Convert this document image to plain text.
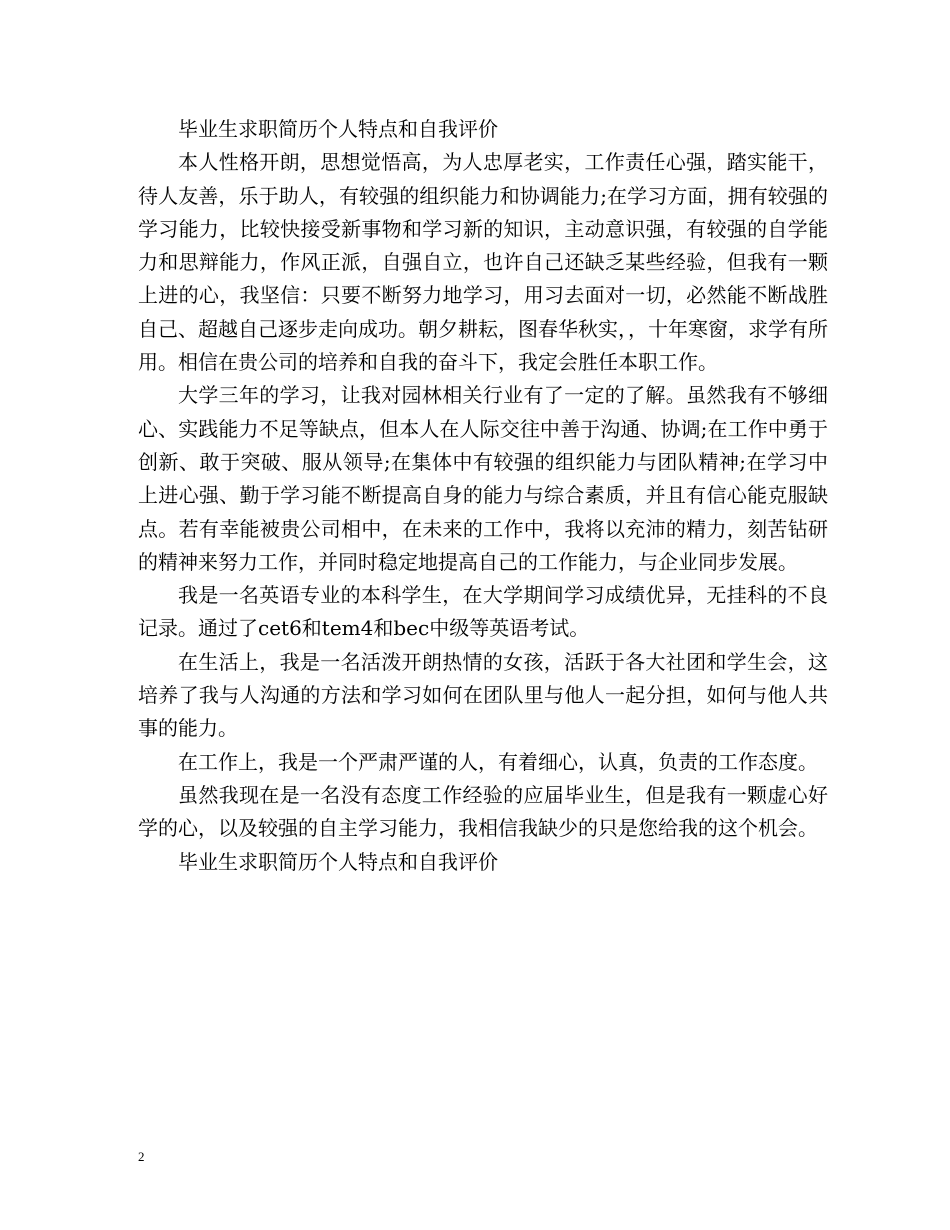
毕业生求职简历个人特点和自我评价

本人性格开朗，思想觉悟高，为人忠厚老实，工作责任心强，踏实能干，待人友善，乐于助人，有较强的组织能力和协调能力;在学习方面，拥有较强的学习能力，比较快接受新事物和学习新的知识，主动意识强，有较强的自学能力和思辩能力，作风正派，自强自立，也许自己还缺乏某些经验，但我有一颗上进的心，我坚信：只要不断努力地学习，用习去面对一切，必然能不断战胜自己、超越自己逐步走向成功。朝夕耕耘，图春华秋实，，十年寒窗，求学有所用。相信在贵公司的培养和自我的奋斗下，我定会胜任本职工作。

大学三年的学习，让我对园林相关行业有了一定的了解。虽然我有不够细心、实践能力不足等缺点，但本人在人际交往中善于沟通、协调;在工作中勇于创新、敢于突破、服从领导;在集体中有较强的组织能力与团队精神;在学习中上进心强、勤于学习能不断提高自身的能力与综合素质，并且有信心能克服缺点。若有幸能被贵公司相中，在未来的工作中，我将以充沛的精力，刻苦钻研的精神来努力工作，并同时稳定地提高自己的工作能力，与企业同步发展。

我是一名英语专业的本科学生，在大学期间学习成绩优异，无挂科的不良记录。通过了cet6和tem4和bec中级等英语考试。

在生活上，我是一名活泼开朗热情的女孩，活跃于各大社团和学生会，这培养了我与人沟通的方法和学习如何在团队里与他人一起分担，如何与他人共事的能力。

在工作上，我是一个严肃严谨的人，有着细心，认真，负责的工作态度。

虽然我现在是一名没有态度工作经验的应届毕业生，但是我有一颗虚心好学的心，以及较强的自主学习能力，我相信我缺少的只是您给我的这个机会。

毕业生求职简历个人特点和自我评价

2
